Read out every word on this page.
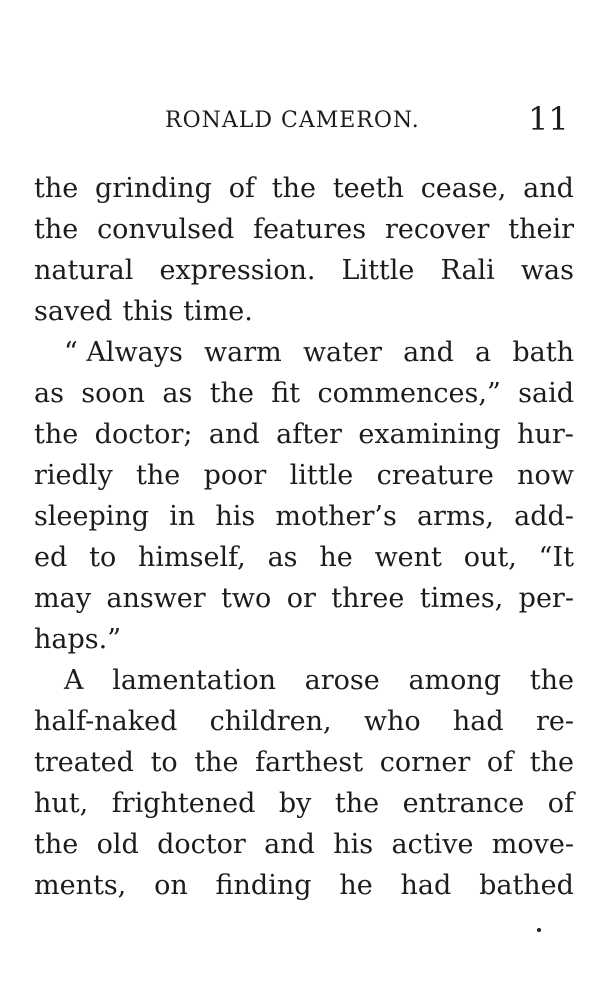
RONALD CAMERON.	11
the grinding of the teeth cease, and
the convulsed features recover their
natural expression. Little Rali was
saved this time.
“ Always warm water and a bath
as soon as the fit commences,” said
the doctor; and after examining hur-
riedly the poor little creature now
sleeping in his mother’s arms, add-
ed to himself, as he went out, “It
may answer two or three times, per-
haps.”
A lamentation arose among the
half-naked children, who had re-
treated to the farthest corner of the
hut, frightened by the entrance of
the old doctor and his active move-
ments, on finding he had bathed
